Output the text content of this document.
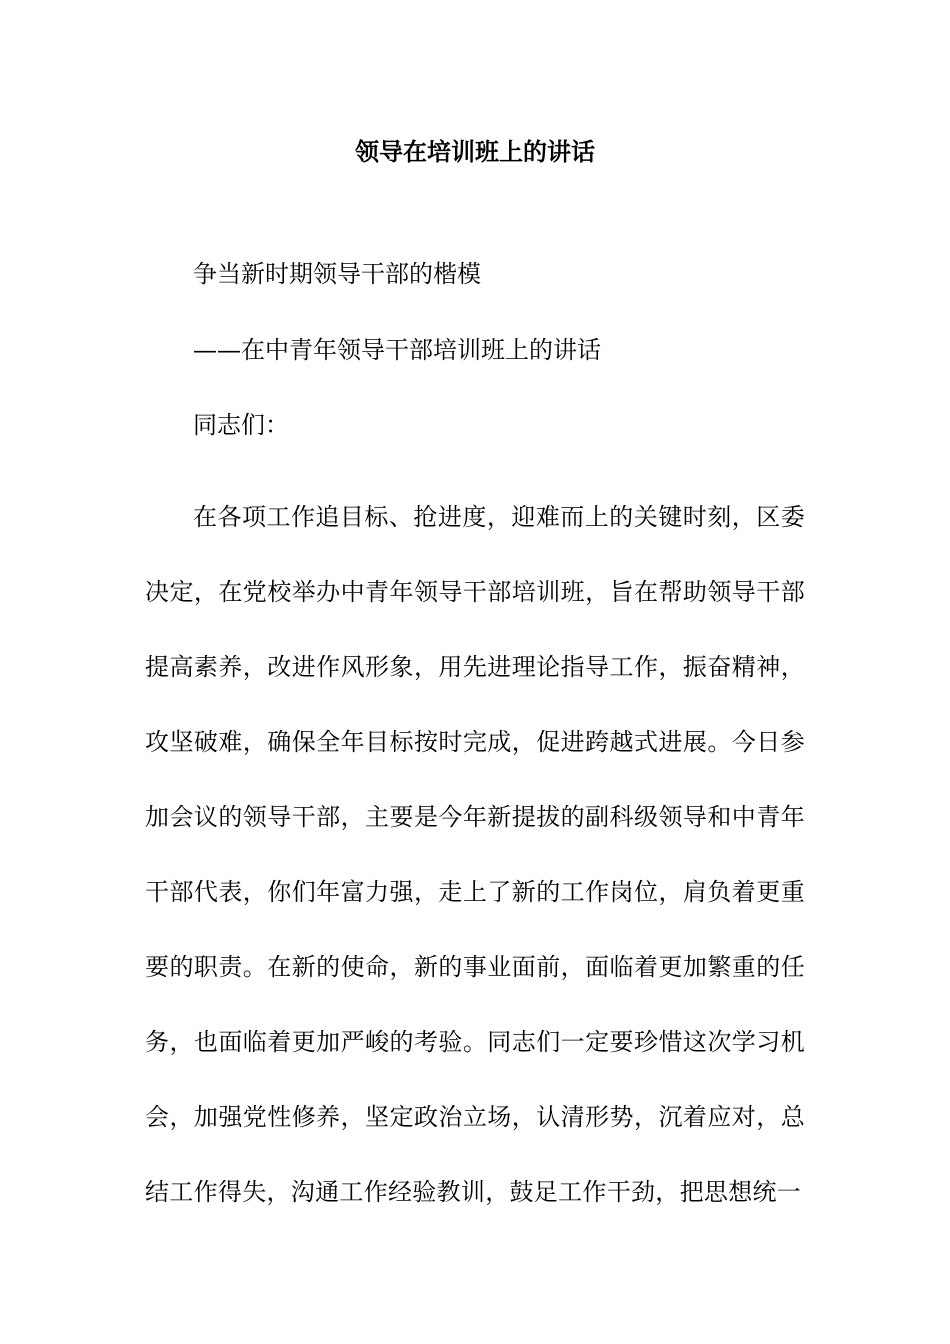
领导在培训班上的讲话

争当新时期领导干部的楷模

——在中青年领导干部培训班上的讲话

同志们：

在各项工作追目标、抢进度，迎难而上的关键时刻，区委决定，在党校举办中青年领导干部培训班，旨在帮助领导干部提高素养，改进作风形象，用先进理论指导工作，振奋精神，攻坚破难，确保全年目标按时完成，促进跨越式进展。今日参加会议的领导干部，主要是今年新提拔的副科级领导和中青年干部代表，你们年富力强，走上了新的工作岗位，肩负着更重要的职责。在新的使命，新的事业面前，面临着更加繁重的任务，也面临着更加严峻的考验。同志们一定要珍惜这次学习机会，加强党性修养，坚定政治立场，认清形势，沉着应对，总结工作得失，沟通工作经验教训，鼓足工作干劲，把思想统一
